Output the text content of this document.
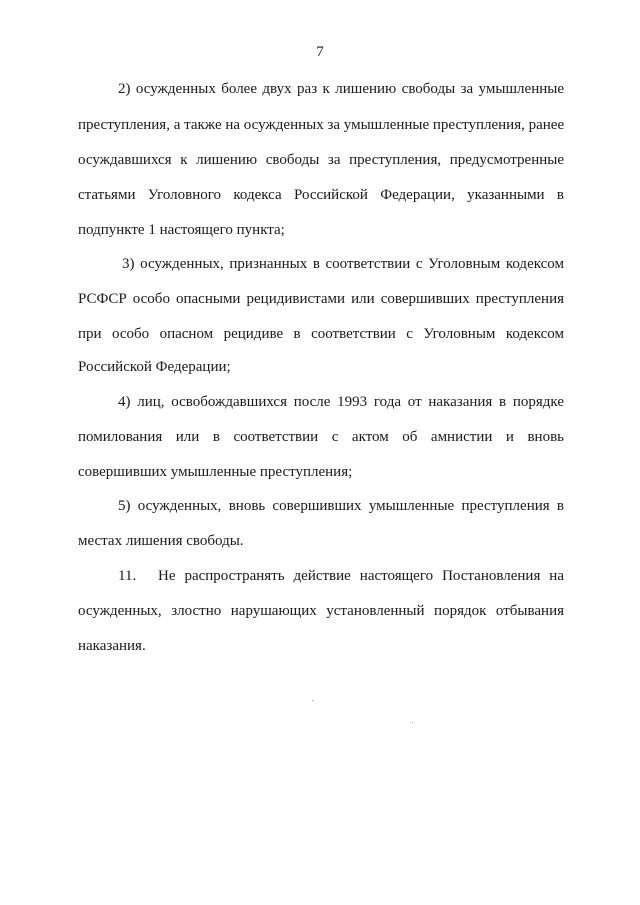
7
2) осужденных более двух раз к лишению свободы за умышленные
преступления, а также на осужденных за умышленные преступления, ранее
осуждавшихся к лишению свободы за преступления, предусмотренные
статьями Уголовного кодекса Российской Федерации, указанными в
подпункте 1 настоящего пункта;
3) осужденных, признанных в соответствии с Уголовным кодексом
РСФСР особо опасными рецидивистами или совершивших преступления
при особо опасном рецидиве в соответствии с Уголовным кодексом
Российской Федерации;
4) лиц, освобождавшихся после 1993 года от наказания в порядке
помилования или в соответствии с актом об амнистии и вновь
совершивших умышленные преступления;
5) осужденных, вновь совершивших умышленные преступления в
местах лишения свободы.
11. Не распространять действие настоящего Постановления на
осужденных, злостно нарушающих установленный порядок отбывания
наказания.
